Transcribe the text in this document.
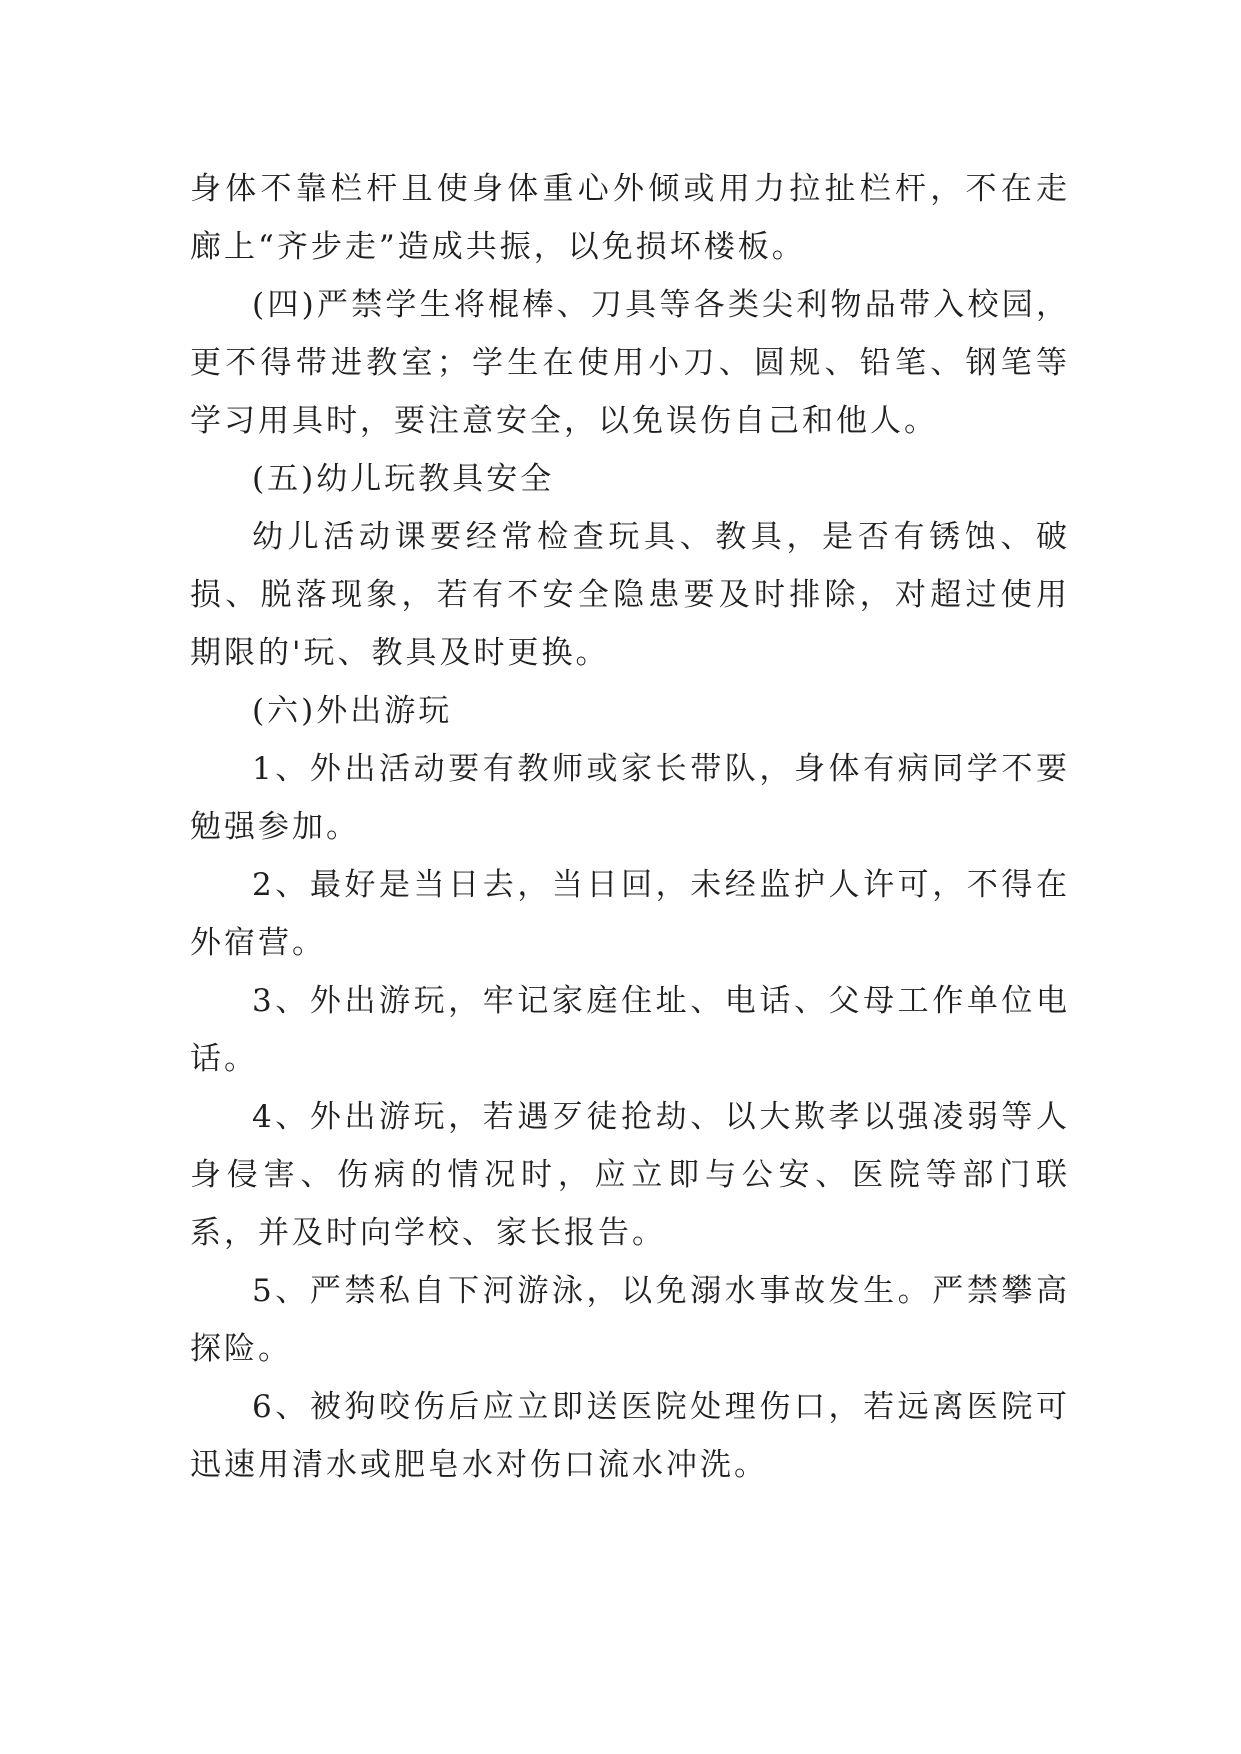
身体不靠栏杆且使身体重心外倾或用力拉扯栏杆，不在走廊上“齐步走”造成共振，以免损坏楼板。

(四)严禁学生将棍棒、刀具等各类尖利物品带入校园，更不得带进教室；学生在使用小刀、圆规、铅笔、钢笔等学习用具时，要注意安全，以免误伤自己和他人。

(五)幼儿玩教具安全

幼儿活动课要经常检查玩具、教具，是否有锈蚀、破损、脱落现象，若有不安全隐患要及时排除，对超过使用期限的'玩、教具及时更换。

(六)外出游玩

1、外出活动要有教师或家长带队，身体有病同学不要勉强参加。

2、最好是当日去，当日回，未经监护人许可，不得在外宿营。

3、外出游玩，牢记家庭住址、电话、父母工作单位电话。

4、外出游玩，若遇歹徒抢劫、以大欺孝以强凌弱等人身侵害、伤病的情况时，应立即与公安、医院等部门联系，并及时向学校、家长报告。

5、严禁私自下河游泳，以免溺水事故发生。严禁攀高探险。

6、被狗咬伤后应立即送医院处理伤口，若远离医院可迅速用清水或肥皂水对伤口流水冲洗。
